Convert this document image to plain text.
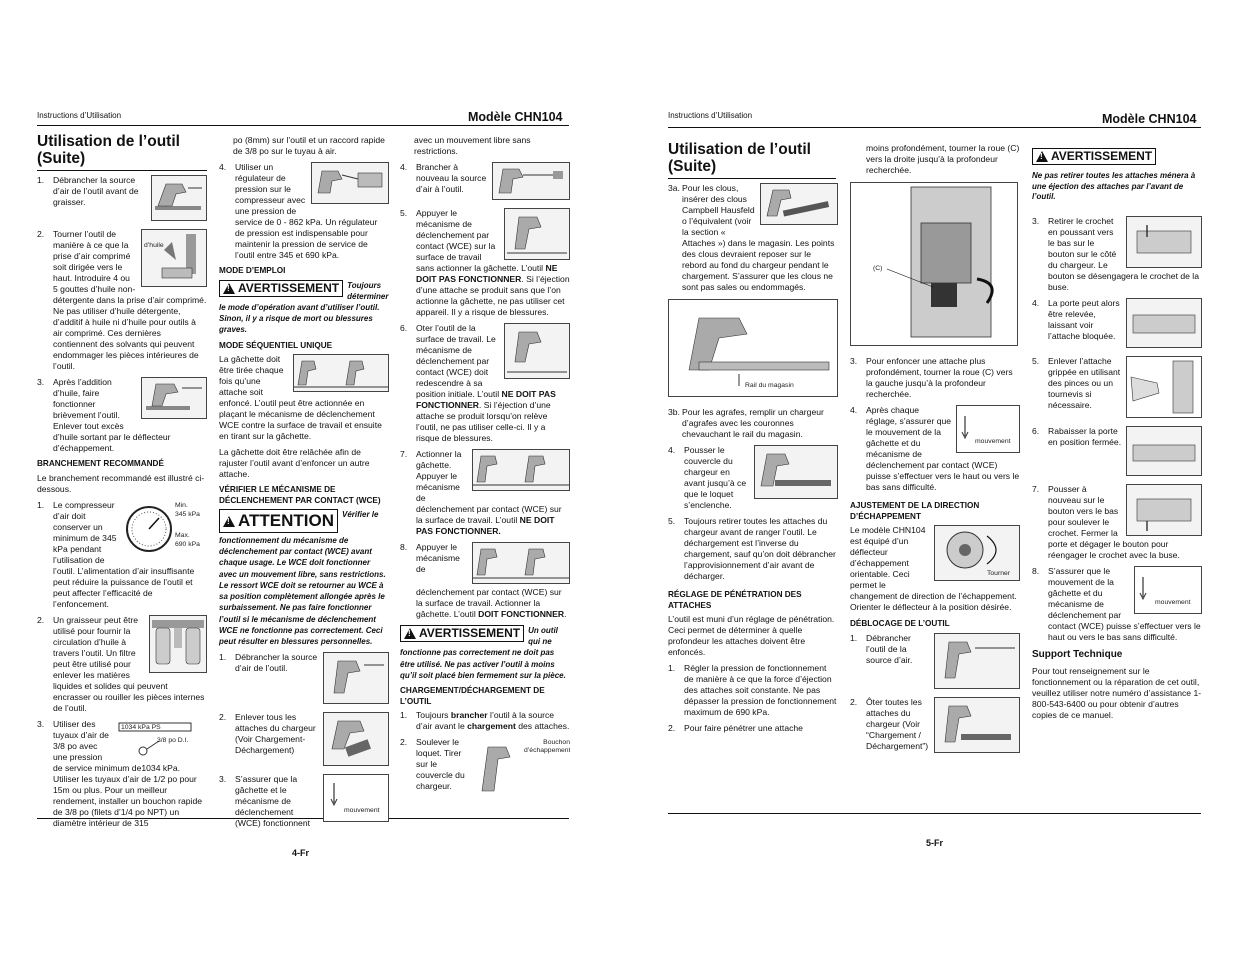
Instructions d’Utilisation	Modèle CHN104
4-Fr
Utilisation de l’outil
(Suite)
1.	Débrancher la source d’air de l’outil avant de graisser.
2.
d’huile
Tourner l’outil de manière à ce que la prise d’air comprimé soit dirigée vers le haut. Introduire 4 ou 5 gouttes d’huile non-détergente dans la prise d’air comprimé. Ne pas utiliser d’huile détergente, d’additif à huile ni d’huile pour outils à air comprimé. Ces dernières contiennent des solvants qui peuvent endommager les pièces intérieures de l’outil.
3.	Après l’addition d’huile, faire fonctionner brièvement l’outil. Enlever tout excès d’huile sortant par le déflecteur d’échappement.
BRANCHEMENT RECOMMANDÉ

Le branchement recommandé est illustré ci-dessous.

1.	Min.
345 kPa
Max.
690 kPa
Le compresseur d’air doit conserver un minimum de 345 kPa pendant l’utilisation de l’outil. L’alimentation d’air insuffisante peut réduire la puissance de l’outil et peut affecter l’efficacité de l’enfoncement.
2.	Un graisseur peut être utilisé pour fournir la circulation d’huile à travers l’outil. Un filtre peut être utilisé pour enlever les matières liquides et solides qui peuvent encrasser ou rouiller les pièces internes de l’outil.
3.	1034 kPa PS
3/8 po D.I.
Utiliser des tuyaux d’air de 3/8 po avec une pression de service minimum de1034 kPa. Utiliser les tuyaux d’air de 1/2 po pour 15m ou plus. Pour un meilleur rendement, installer un bouchon rapide de 3/8 po (filets d’1/4 po NPT) un diamètre intérieur de 315

po (8mm) sur l’outil et un raccord rapide de 3/8 po sur le tuyau à air.

4.	Utiliser un régulateur de pression sur le compresseur avec une pression de service de 0 - 862 kPa. Un régulateur de pression est indispensable pour maintenir la pression de service de l’outil entre 345 et 690 kPa.
MODE D’EMPLOI

!
AVERTISSEMENT Toujours déterminer le mode d’opération avant d’utiliser l’outil. Sinon, il y a risque de mort ou blessures graves.

MODE SÉQUENTIEL UNIQUE

La gâchette doit être tirée chaque fois qu’une attache soit enfoncé. L’outil peut être actionnée en plaçant le mécanisme de déclenchement WCE contre la surface de travail et ensuite en tirant sur la gâchette.

La gâchette doit être relâchée afin de rajuster l’outil avant d’enfoncer un autre attache.

VÉRIFIER LE MÉCANISME DE DÉCLENCHEMENT PAR CONTACT (WCE)

!
ATTENTION Vérifier le fonctionnement du mécanisme de déclenchement par contact (WCE) avant chaque usage. Le WCE doit fonctionner avec un mouvement libre, sans restrictions. Le ressort WCE doit se retourner au WCE à sa position complètement allongée après le surbaissement. Ne pas faire fonctionner l’outil si le mécanisme de déclenchement WCE ne fonctionne pas correctement. Ceci peut résulter en blessures personnelles.

1.	Débrancher la source d’air de l’outil.
2.	Enlever tous les attaches du chargeur (Voir Chargement-Déchargement)
3.
mouvement
S’assurer que la gâchette et le mécanisme de déclenchement (WCE) fonctionnent

avec un mouvement libre sans restrictions.

4.	Brancher à nouveau la source d’air à l’outil.
5.	Appuyer le mécanisme de déclenchement par contact (WCE) sur la surface de travail sans actionner la gâchette. L’outil NE DOIT PAS FONCTIONNER. Si l’éjection d’une attache se produit sans que l’on actionne la gâchette, ne pas utiliser cet appareil. Il y a risque de blessures.
6.	Oter l’outil de la surface de travail. Le mécanisme de déclenchement par contact (WCE) doit redescendre à sa position initiale. L’outil NE DOIT PAS FONCTIONNER. Si l’éjection d’une attache se produit lorsqu’on relève l’outil, ne pas utiliser celle-ci. Il y a risque de blessures.
7.	Actionner la gâchette. Appuyer le mécanisme de déclenchement par contact (WCE) sur la surface de travail. L’outil NE DOIT PAS FONCTIONNER.
8.	Appuyer le mécanisme de déclenchement par contact (WCE) sur la surface de travail. Actionner la gâchette. L’outil DOIT FONCTIONNER.

!
AVERTISSEMENT Un outil qui ne fonctionne pas correctement ne doit pas être utilisé. Ne pas activer l’outil à moins qu’il soit placé bien fermement sur la pièce.

CHARGEMENT/DÉCHARGEMENT DE L’OUTIL
1.	Toujours brancher l’outil à la source d’air avant le chargement des attaches.
2.	Bouchon d’échappement
Soulever le loquet. Tirer sur le couvercle du chargeur.
Instructions d’Utilisation	Modèle CHN104
5-Fr
Utilisation de l’outil
(Suite)
3a. Pour les clous, insérer des clous Campbell Hausfeld o l’équivalent (voir la section « Attaches ») dans le magasin. Les points des clous devraient reposer sur le rebord au fond du chargeur pendant le chargement. S’assurer que les clous ne sont pas sales ou endommagés.
Rail du magasin
3b. Pour les agrafes, remplir un chargeur d’agrafes avec les couronnes chevauchant le rail du magasin.
4.	Pousser le couvercle du chargeur en avant jusqu’à ce que le loquet s’enclenche.
5.	Toujours retirer toutes les attaches du chargeur avant de ranger l’outil. Le déchargement est l’inverse du chargement, sauf qu’on doit débrancher l’approvisionnement d’air avant de décharger.
RÉGLAGE DE PÉNÉTRATION DES ATTACHES

L’outil est muni d’un réglage de pénétration. Ceci permet de déterminer à quelle profondeur les attaches doivent être enfoncés.

1.	Régler la pression de fonctionnement de manière à ce que la force d’éjection des attaches soit constante. Ne pas dépasser la pression de fonctionnement maximum de 690 kPa.
2.	Pour faire pénétrer une attache

moins profondément, tourner la roue (C) vers la droite jusqu’à la profondeur recherchée.

(C)
3.	Pour enfoncer une attache plus profondément, tourner la roue (C) vers la gauche jusqu’à la profondeur recherchée.
4.
mouvement
Après chaque réglage, s’assurer que le mouvement de la gâchette et du mécanisme de déclenchement par contact (WCE) puisse s’effectuer vers le haut ou vers le bas sans difficulté.
AJUSTEMENT DE LA DIRECTION D’ÉCHAPPEMENT
Tourner

Le modèle CHN104 est équipé d’un déflecteur d’échappement orientable. Ceci permet le changement de direction de l’échappement. Orienter le déflecteur à la position désirée.

DÉBLOCAGE DE L’OUTIL
1.	Débrancher l’outil de la source d’air.
2.	Ôter toutes les attaches du chargeur (Voir “Chargement / Déchargement”)
!
AVERTISSEMENT

Ne pas retirer toutes les attaches ménera à une éjection des attaches par l’avant de l’outil.

3.	Retirer le crochet en poussant vers le bas sur le bouton sur le côté du chargeur. Le bouton se désengagera le crochet de la buse.
4.	La porte peut alors être relevée, laissant voir l’attache bloquée.
5.	Enlever l’attache grippée en utilisant des pinces ou un tournevis si nécessaire.
6.	Rabaisser la porte en position fermée.
7.	Pousser à nouveau sur le bouton vers le bas pour soulever le crochet. Fermer la porte et dégager le bouton pour réengager le crochet avec la buse.
8.
mouvement
S’assurer que le mouvement de la gâchette et du mécanisme de déclenchement par contact (WCE) puisse s’effectuer vers le haut ou vers le bas sans difficulté.
Support Technique

Pour tout renseignement sur le fonctionnement ou la réparation de cet outil, veuillez utiliser notre numéro d’assistance 1-800-543-6400 ou pour obtenir d’autres copies de ce manuel.
